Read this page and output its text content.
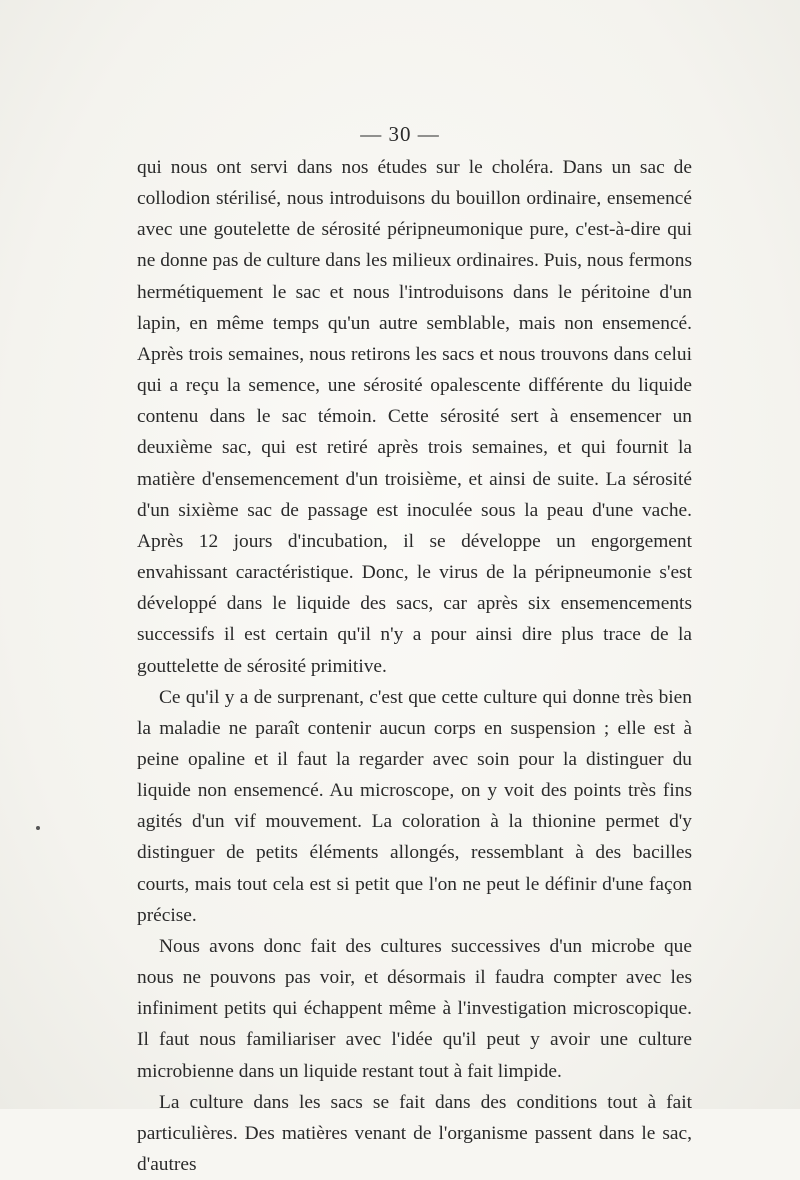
— 30 —

qui nous ont servi dans nos études sur le choléra. Dans un sac de collodion stérilisé, nous introduisons du bouillon ordinaire, ensemencé avec une goutelette de sérosité péripneumonique pure, c'est-à-dire qui ne donne pas de culture dans les milieux ordinaires. Puis, nous fermons hermétiquement le sac et nous l'introduisons dans le péritoine d'un lapin, en même temps qu'un autre semblable, mais non ensemencé. Après trois semaines, nous retirons les sacs et nous trouvons dans celui qui a reçu la semence, une sérosité opalescente différente du liquide contenu dans le sac témoin. Cette sérosité sert à ensemencer un deuxième sac, qui est retiré après trois semaines, et qui fournit la matière d'ensemencement d'un troisième, et ainsi de suite. La sérosité d'un sixième sac de passage est inoculée sous la peau d'une vache. Après 12 jours d'incubation, il se développe un engorgement envahissant caractéristique. Donc, le virus de la péripneumonie s'est développé dans le liquide des sacs, car après six ensemencements successifs il est certain qu'il n'y a pour ainsi dire plus trace de la gouttelette de sérosité primitive.

Ce qu'il y a de surprenant, c'est que cette culture qui donne très bien la maladie ne paraît contenir aucun corps en suspension ; elle est à peine opaline et il faut la regarder avec soin pour la distinguer du liquide non ensemencé. Au microscope, on y voit des points très fins agités d'un vif mouvement. La coloration à la thionine permet d'y distinguer de petits éléments allongés, ressemblant à des bacilles courts, mais tout cela est si petit que l'on ne peut le définir d'une façon précise.

Nous avons donc fait des cultures successives d'un microbe que nous ne pouvons pas voir, et désormais il faudra compter avec les infiniment petits qui échappent même à l'investigation microscopique. Il faut nous familiariser avec l'idée qu'il peut y avoir une culture microbienne dans un liquide restant tout à fait limpide.

La culture dans les sacs se fait dans des conditions tout à fait particulières. Des matières venant de l'organisme passent dans le sac, d'autres
